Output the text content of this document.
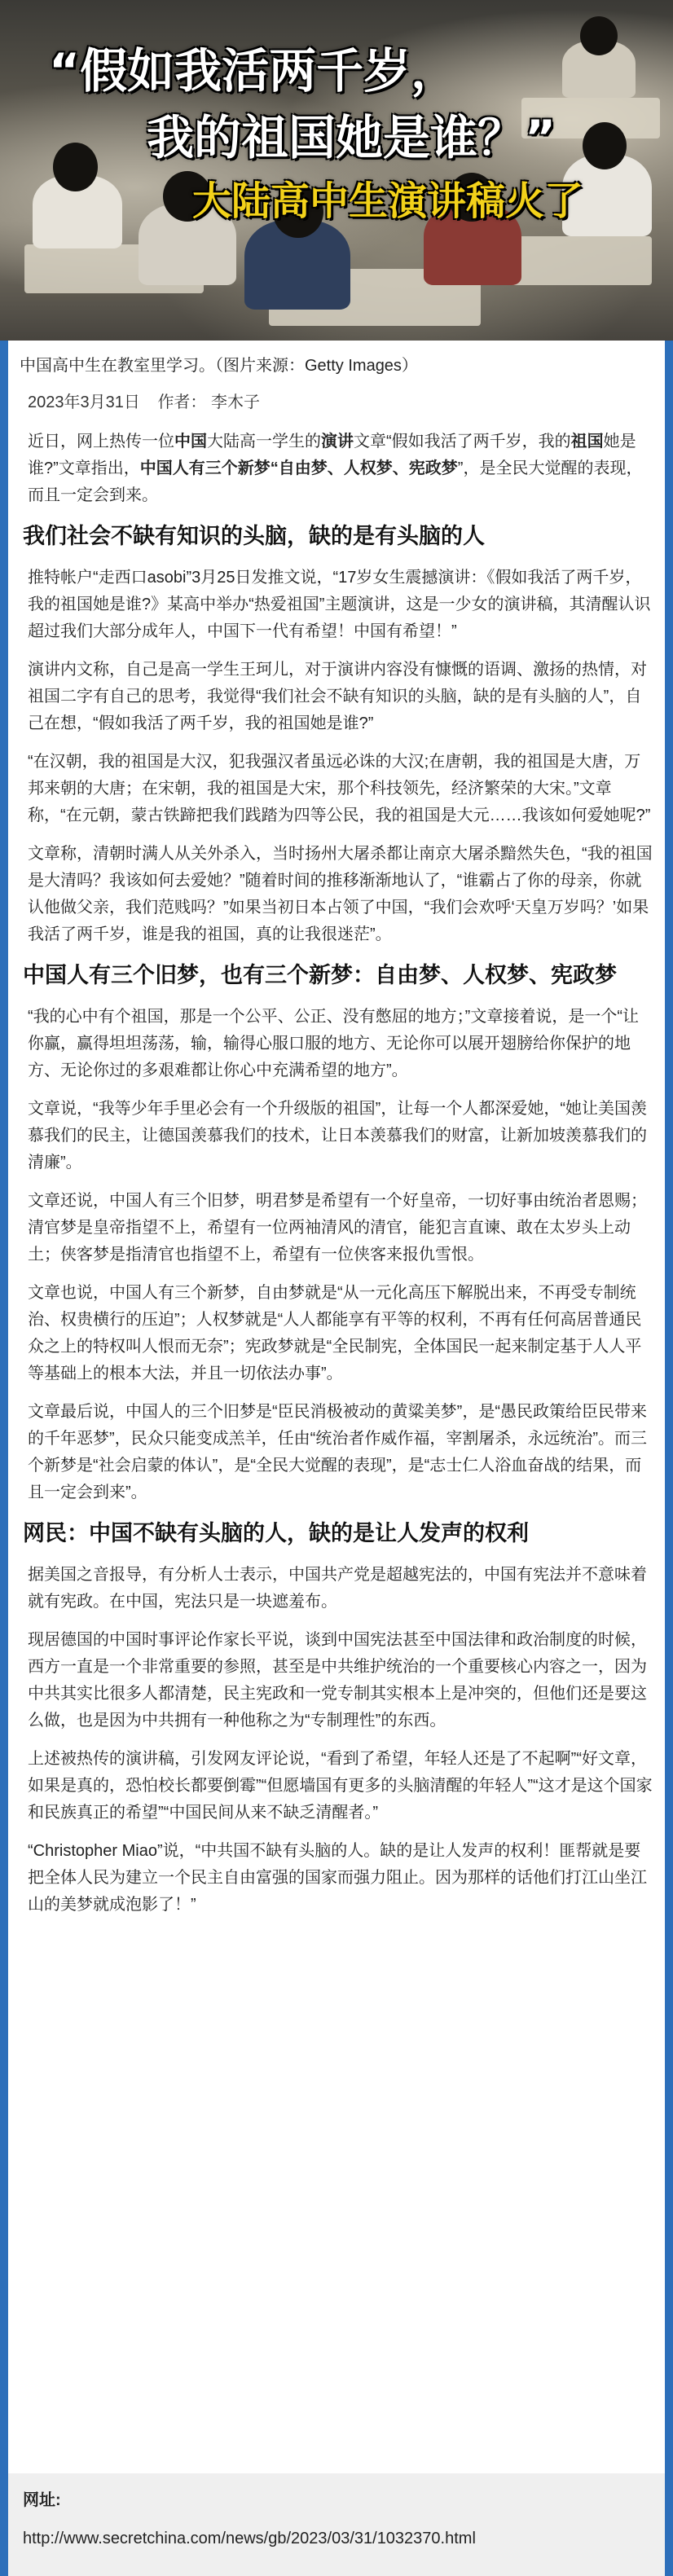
“假如我活两千岁，
我的祖国她是谁？”
大陆高中生演讲稿火了
中国高中生在教室里学习。（图片来源：Getty Images）
2023年3月31日 作者： 李木子

近日，网上热传一位中国大陆高一学生的演讲文章“假如我活了两千岁，我的祖国她是谁?”文章指出，中国人有三个新梦“自由梦、人权梦、宪政梦”，是全民大觉醒的表现，而且一定会到来。

我们社会不缺有知识的头脑，缺的是有头脑的人

推特帐户“走西口asobi”3月25日发推文说，“17岁女生震撼演讲：《假如我活了两千岁，我的祖国她是谁?》某高中举办“热爱祖国”主题演讲，这是一少女的演讲稿，其清醒认识超过我们大部分成年人，中国下一代有希望！中国有希望！”

演讲内文称，自己是高一学生王珂儿，对于演讲内容没有慷慨的语调、激扬的热情，对祖国二字有自己的思考，我觉得“我们社会不缺有知识的头脑，缺的是有头脑的人”，自己在想，“假如我活了两千岁，我的祖国她是谁?”

“在汉朝，我的祖国是大汉，犯我强汉者虽远必诛的大汉;在唐朝，我的祖国是大唐，万邦来朝的大唐；在宋朝，我的祖国是大宋，那个科技领先，经济繁荣的大宋。”文章称，“在元朝，蒙古铁蹄把我们践踏为四等公民，我的祖国是大元……我该如何爱她呢?”

文章称，清朝时满人从关外杀入，当时扬州大屠杀都让南京大屠杀黯然失色，“我的祖国是大清吗？我该如何去爱她？”随着时间的推移渐渐地认了，“谁霸占了你的母亲，你就认他做父亲，我们范贱吗？”如果当初日本占领了中国，“我们会欢呼‘天皇万岁吗？’如果我活了两千岁，谁是我的祖国，真的让我很迷茫”。

中国人有三个旧梦，也有三个新梦：自由梦、人权梦、宪政梦

“我的心中有个祖国，那是一个公平、公正、没有憋屈的地方；”文章接着说，是一个“让你赢，赢得坦坦荡荡，输，输得心服口服的地方、无论你可以展开翅膀给你保护的地方、无论你过的多艰难都让你心中充满希望的地方”。

文章说，“我等少年手里必会有一个升级版的祖国”，让每一个人都深爱她，“她让美国羡慕我们的民主，让德国羡慕我们的技术，让日本羡慕我们的财富，让新加坡羡慕我们的清廉”。

文章还说，中国人有三个旧梦，明君梦是希望有一个好皇帝，一切好事由统治者恩赐；清官梦是皇帝指望不上，希望有一位两袖清风的清官，能犯言直谏、敢在太岁头上动土；侠客梦是指清官也指望不上，希望有一位侠客来报仇雪恨。

文章也说，中国人有三个新梦，自由梦就是“从一元化高压下解脱出来，不再受专制统治、权贵横行的压迫”；人权梦就是“人人都能享有平等的权利，不再有任何高居普通民众之上的特权叫人恨而无奈”；宪政梦就是“全民制宪，全体国民一起来制定基于人人平等基础上的根本大法，并且一切依法办事”。

文章最后说，中国人的三个旧梦是“臣民消极被动的黄粱美梦”，是“愚民政策给臣民带来的千年恶梦”，民众只能变成羔羊，任由“统治者作威作福，宰割屠杀，永远统治”。而三个新梦是“社会启蒙的体认”，是“全民大觉醒的表现”，是“志士仁人浴血奋战的结果，而且一定会到来”。

网民：中国不缺有头脑的人，缺的是让人发声的权利

据美国之音报导，有分析人士表示，中国共产党是超越宪法的，中国有宪法并不意味着就有宪政。在中国，宪法只是一块遮羞布。

现居德国的中国时事评论作家长平说，谈到中国宪法甚至中国法律和政治制度的时候，西方一直是一个非常重要的参照，甚至是中共维护统治的一个重要核心内容之一，因为中共其实比很多人都清楚，民主宪政和一党专制其实根本上是冲突的，但他们还是要这么做，也是因为中共拥有一种他称之为“专制理性”的东西。

上述被热传的演讲稿，引发网友评论说，“看到了希望，年轻人还是了不起啊”“好文章，如果是真的，恐怕校长都要倒霉”“但愿墙国有更多的头脑清醒的年轻人”“这才是这个国家和民族真正的希望”“中国民间从来不缺乏清醒者。”

“Christopher Miao”说，“中共国不缺有头脑的人。缺的是让人发声的权利！匪帮就是要把全体人民为建立一个民主自由富强的国家而强力阻止。因为那样的话他们打江山坐江山的美梦就成泡影了！”

网址:
http://www.secretchina.com/news/gb/2023/03/31/1032370.html
